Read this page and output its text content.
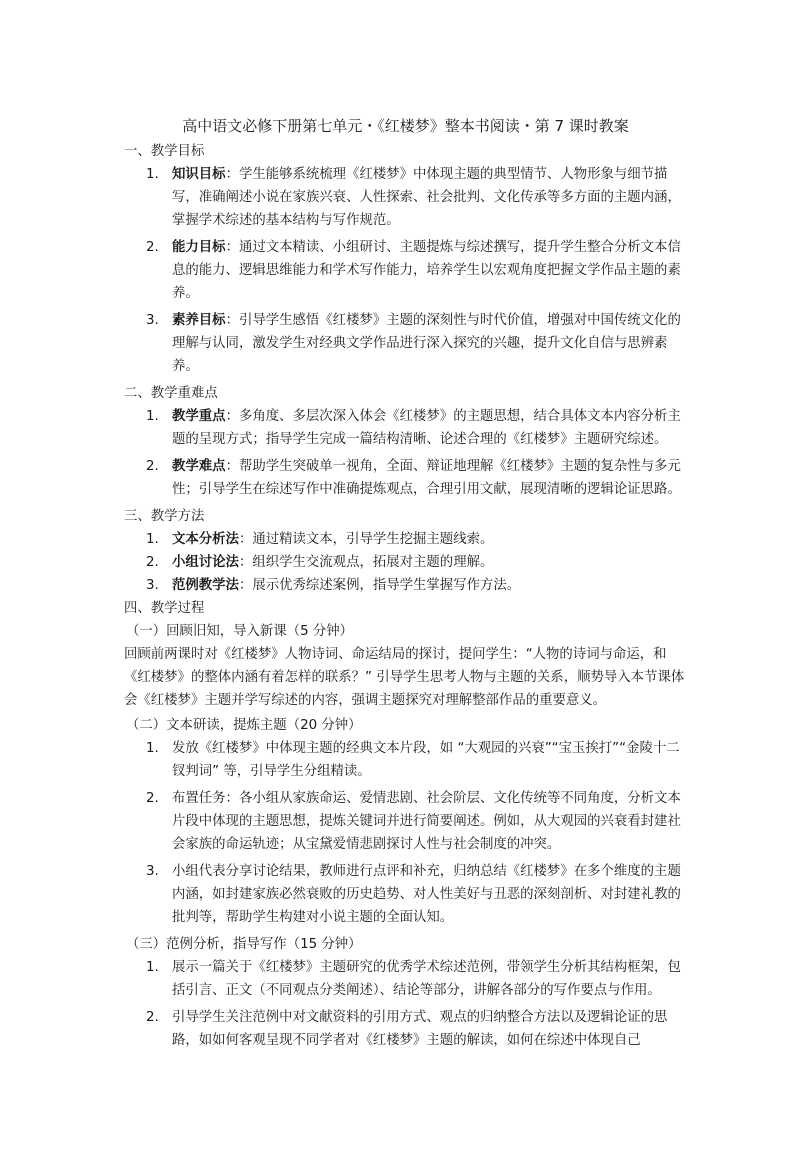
高中语文必修下册第七单元・《红楼梦》整本书阅读・第 7 课时教案
一、教学目标
1. 知识目标：学生能够系统梳理《红楼梦》中体现主题的典型情节、人物形象与细节描写，准确阐述小说在家族兴衰、人性探索、社会批判、文化传承等多方面的主题内涵，掌握学术综述的基本结构与写作规范。
2. 能力目标：通过文本精读、小组研讨、主题提炼与综述撰写，提升学生整合分析文本信息的能力、逻辑思维能力和学术写作能力，培养学生以宏观角度把握文学作品主题的素养。
3. 素养目标：引导学生感悟《红楼梦》主题的深刻性与时代价值，增强对中国传统文化的理解与认同，激发学生对经典文学作品进行深入探究的兴趣，提升文化自信与思辨素养。
二、教学重难点
1. 教学重点：多角度、多层次深入体会《红楼梦》的主题思想，结合具体文本内容分析主题的呈现方式；指导学生完成一篇结构清晰、论述合理的《红楼梦》主题研究综述。
2. 教学难点：帮助学生突破单一视角，全面、辩证地理解《红楼梦》主题的复杂性与多元性；引导学生在综述写作中准确提炼观点，合理引用文献，展现清晰的逻辑论证思路。
三、教学方法
1. 文本分析法：通过精读文本，引导学生挖掘主题线索。
2. 小组讨论法：组织学生交流观点，拓展对主题的理解。
3. 范例教学法：展示优秀综述案例，指导学生掌握写作方法。
四、教学过程
（一）回顾旧知，导入新课（5 分钟）
回顾前两课时对《红楼梦》人物诗词、命运结局的探讨，提问学生：“人物的诗词与命运，和《红楼梦》的整体内涵有着怎样的联系？” 引导学生思考人物与主题的关系，顺势导入本节课体会《红楼梦》主题并学写综述的内容，强调主题探究对理解整部作品的重要意义。
（二）文本研读，提炼主题（20 分钟）
1. 发放《红楼梦》中体现主题的经典文本片段，如 “大观园的兴衰”“宝玉挨打”“金陵十二钗判词” 等，引导学生分组精读。
2. 布置任务：各小组从家族命运、爱情悲剧、社会阶层、文化传统等不同角度，分析文本片段中体现的主题思想，提炼关键词并进行简要阐述。例如，从大观园的兴衰看封建社会家族的命运轨迹；从宝黛爱情悲剧探讨人性与社会制度的冲突。
3. 小组代表分享讨论结果，教师进行点评和补充，归纳总结《红楼梦》在多个维度的主题内涵，如封建家族必然衰败的历史趋势、对人性美好与丑恶的深刻剖析、对封建礼教的批判等，帮助学生构建对小说主题的全面认知。
（三）范例分析，指导写作（15 分钟）
1. 展示一篇关于《红楼梦》主题研究的优秀学术综述范例，带领学生分析其结构框架，包括引言、正文（不同观点分类阐述）、结论等部分，讲解各部分的写作要点与作用。
2. 引导学生关注范例中对文献资料的引用方式、观点的归纳整合方法以及逻辑论证的思路，如如何客观呈现不同学者对《红楼梦》主题的解读，如何在综述中体现自己
